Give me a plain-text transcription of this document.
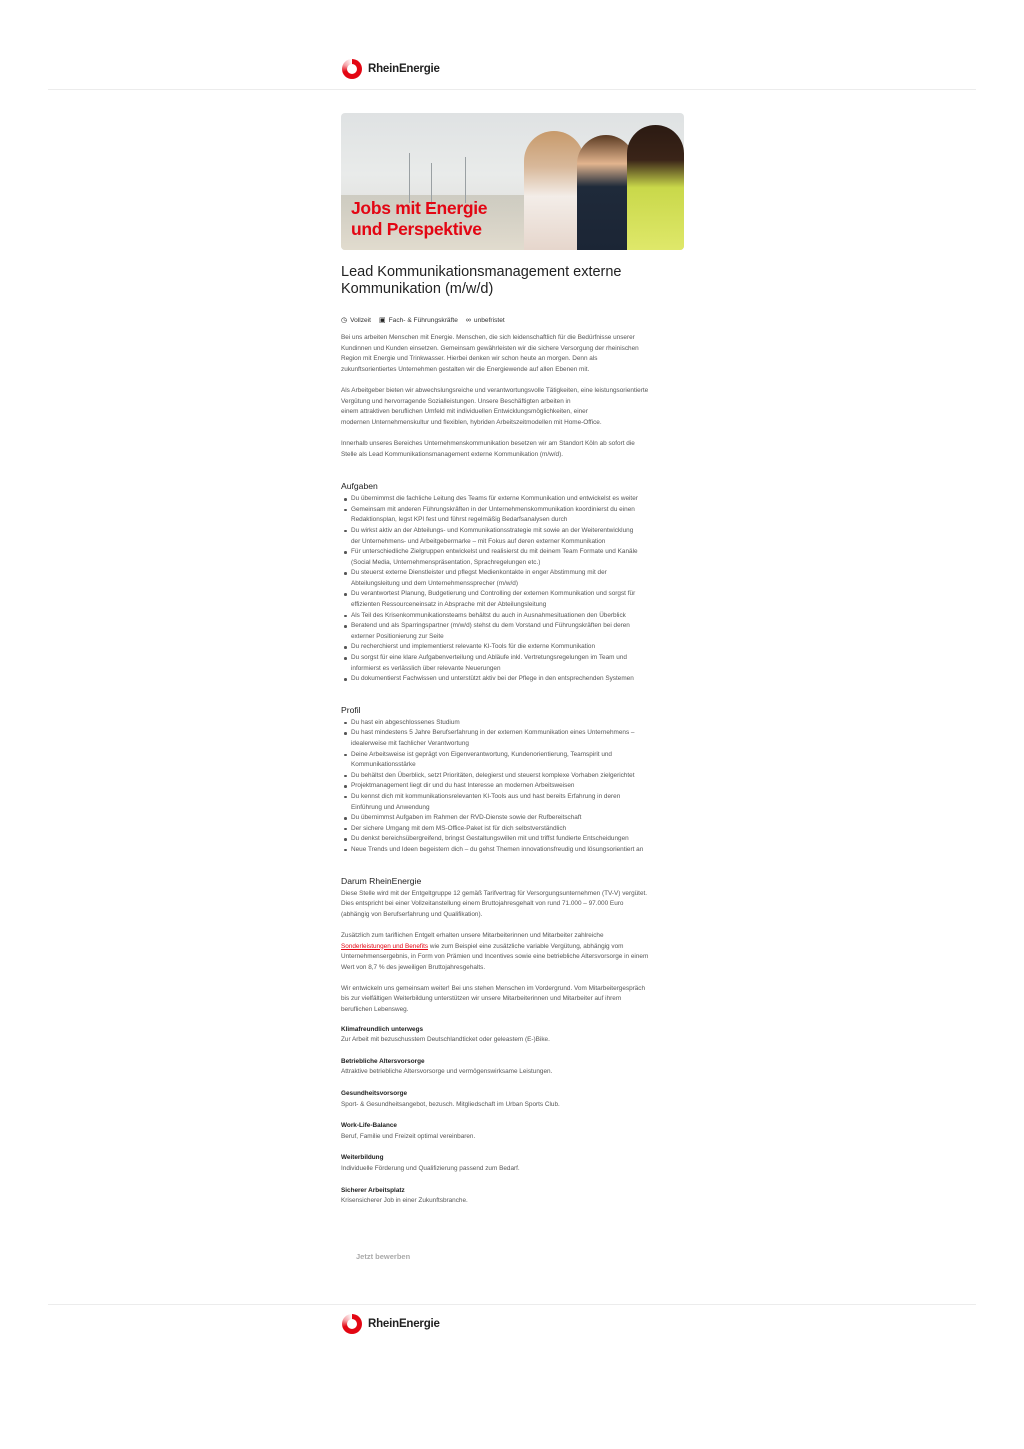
RheinEnergie
Jobs mit Energie
und Perspektive
Lead Kommunikationsmanagement externe
Kommunikation (m/w/d)
◷ Vollzeit ▣ Fach- & Führungskräfte ∞ unbefristet

Bei uns arbeiten Menschen mit Energie. Menschen, die sich leidenschaftlich für die Bedürfnisse unserer
Kundinnen und Kunden einsetzen. Gemeinsam gewährleisten wir die sichere Versorgung der rheinischen
Region mit Energie und Trinkwasser. Hierbei denken wir schon heute an morgen. Denn als
zukunftsorientiertes Unternehmen gestalten wir die Energiewende auf allen Ebenen mit.

Als Arbeitgeber bieten wir abwechslungsreiche und verantwortungsvolle Tätigkeiten, eine leistungsorientierte
Vergütung und hervorragende Sozialleistungen. Unsere Beschäftigten arbeiten in
einem attraktiven beruflichen Umfeld mit individuellen Entwicklungsmöglichkeiten, einer
modernen Unternehmenskultur und flexiblen, hybriden Arbeitszeitmodellen mit Home-Office.

Innerhalb unseres Bereiches Unternehmenskommunikation besetzen wir am Standort Köln ab sofort die
Stelle als Lead Kommunikationsmanagement externe Kommunikation (m/w/d).

Aufgaben
Du übernimmst die fachliche Leitung des Teams für externe Kommunikation und entwickelst es weiter
Gemeinsam mit anderen Führungskräften in der Unternehmenskommunikation koordinierst du einen
Redaktionsplan, legst KPI fest und führst regelmäßig Bedarfsanalysen durch
Du wirkst aktiv an der Abteilungs- und Kommunikationsstrategie mit sowie an der Weiterentwicklung
der Unternehmens- und Arbeitgebermarke – mit Fokus auf deren externer Kommunikation
Für unterschiedliche Zielgruppen entwickelst und realisierst du mit deinem Team Formate und Kanäle
(Social Media, Unternehmenspräsentation, Sprachregelungen etc.)
Du steuerst externe Dienstleister und pflegst Medienkontakte in enger Abstimmung mit der
Abteilungsleitung und dem Unternehmenssprecher (m/w/d)
Du verantwortest Planung, Budgetierung und Controlling der externen Kommunikation und sorgst für
effizienten Ressourceneinsatz in Absprache mit der Abteilungsleitung
Als Teil des Krisenkommunikationsteams behältst du auch in Ausnahmesituationen den Überblick
Beratend und als Sparringspartner (m/w/d) stehst du dem Vorstand und Führungskräften bei deren
externer Positionierung zur Seite
Du recherchierst und implementierst relevante KI-Tools für die externe Kommunikation
Du sorgst für eine klare Aufgabenverteilung und Abläufe inkl. Vertretungsregelungen im Team und
informierst es verlässlich über relevante Neuerungen
Du dokumentierst Fachwissen und unterstützt aktiv bei der Pflege in den entsprechenden Systemen
Profil
Du hast ein abgeschlossenes Studium
Du hast mindestens 5 Jahre Berufserfahrung in der externen Kommunikation eines Unternehmens –
idealerweise mit fachlicher Verantwortung
Deine Arbeitsweise ist geprägt von Eigenverantwortung, Kundenorientierung, Teamspirit und
Kommunikationsstärke
Du behältst den Überblick, setzt Prioritäten, delegierst und steuerst komplexe Vorhaben zielgerichtet
Projektmanagement liegt dir und du hast Interesse an modernen Arbeitsweisen
Du kennst dich mit kommunikationsrelevanten KI-Tools aus und hast bereits Erfahrung in deren
Einführung und Anwendung
Du übernimmst Aufgaben im Rahmen der RVD-Dienste sowie der Rufbereitschaft
Der sichere Umgang mit dem MS-Office-Paket ist für dich selbstverständlich
Du denkst bereichsübergreifend, bringst Gestaltungswillen mit und triffst fundierte Entscheidungen
Neue Trends und Ideen begeistern dich – du gehst Themen innovationsfreudig und lösungsorientiert an
Darum RheinEnergie

Diese Stelle wird mit der Entgeltgruppe 12 gemäß Tarifvertrag für Versorgungsunternehmen (TV-V) vergütet.
Dies entspricht bei einer Vollzeitanstellung einem Bruttojahresgehalt von rund 71.000 – 97.000 Euro
(abhängig von Berufserfahrung und Qualifikation).

Zusätzlich zum tariflichen Entgelt erhalten unsere Mitarbeiterinnen und Mitarbeiter zahlreiche
Sonderleistungen und Benefits wie zum Beispiel eine zusätzliche variable Vergütung, abhängig vom
Unternehmensergebnis, in Form von Prämien und Incentives sowie eine betriebliche Altersvorsorge in einem
Wert von 8,7 % des jeweiligen Bruttojahresgehalts.

Wir entwickeln uns gemeinsam weiter! Bei uns stehen Menschen im Vordergrund. Vom Mitarbeitergespräch
bis zur vielfältigen Weiterbildung unterstützen wir unsere Mitarbeiterinnen und Mitarbeiter auf ihrem
beruflichen Lebensweg.

Klimafreundlich unterwegs
Zur Arbeit mit bezuschusstem Deutschlandticket oder geleastem (E-)Bike.
Betriebliche Altersvorsorge
Attraktive betriebliche Altersvorsorge und vermögenswirksame Leistungen.
Gesundheitsvorsorge
Sport- & Gesundheitsangebot, bezusch. Mitgliedschaft im Urban Sports Club.
Work-Life-Balance
Beruf, Familie und Freizeit optimal vereinbaren.
Weiterbildung
Individuelle Förderung und Qualifizierung passend zum Bedarf.
Sicherer Arbeitsplatz
Krisensicherer Job in einer Zukunftsbranche.
Jetzt bewerben
RheinEnergie
